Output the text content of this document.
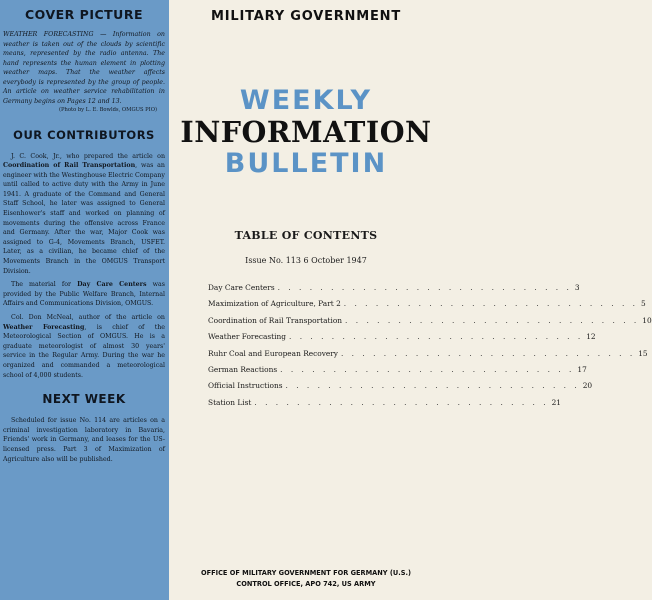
COVER PICTURE
WEATHER FORECASTING — Information on weather is taken out of the clouds by scientific means, represented by the radio antenna. The hand represents the human element in plotting weather maps. That the weather affects everybody is represented by the group of people. An article on weather service rehabilitation in Germany begins on Pages 12 and 13.
(Photo by L. E. Bowlds, OMGUS PIO)
OUR CONTRIBUTORS
J. C. Cook, Jr., who prepared the article on Coordination of Rail Transportation, was an engineer with the Westinghouse Electric Company until called to active duty with the Army in June 1941. A graduate of the Command and General Staff School, he later was assigned to General Eisenhower's staff and worked on planning of movements during the offensive across France and Germany. After the war, Major Cook was assigned to G-4, Movements Branch, USFET. Later, as a civilian, he became chief of the Movements Branch in the OMGUS Transport Division.
The material for Day Care Centers was provided by the Public Welfare Branch, Internal Affairs and Communications Division, OMGUS.
Col. Don McNeal, author of the article on Weather Forecasting, is chief of the Meteorological Section of OMGUS. He is a graduate meteorologist of almost 30 years' service in the Regular Army. During the war he organized and commanded a meteorological school of 4,000 students.
NEXT WEEK
Scheduled for issue No. 114 are articles on a criminal investigation laboratory in Bavaria, Friends' work in Germany, and leases for the US-licensed press. Part 3 of Maximization of Agriculture also will be published.
MILITARY GOVERNMENT
WEEKLY
INFORMATION
BULLETIN
TABLE OF CONTENTS
Issue No. 113 6 October 1947
Day Care Centers . . . . . . . . . . . . . . . . . . . . . . . . . . . . 3
Maximization of Agriculture, Part 2 . . . . . . . . . . . . . . . . . . . . . . . . . . . . 5
Coordination of Rail Transportation . . . . . . . . . . . . . . . . . . . . . . . . . . . . 10
Weather Forecasting . . . . . . . . . . . . . . . . . . . . . . . . . . . . 12
Ruhr Coal and European Recovery . . . . . . . . . . . . . . . . . . . . . . . . . . . . 15
German Reactions . . . . . . . . . . . . . . . . . . . . . . . . . . . . 17
Official Instructions . . . . . . . . . . . . . . . . . . . . . . . . . . . . 20
Station List . . . . . . . . . . . . . . . . . . . . . . . . . . . . 21
OFFICE OF MILITARY GOVERNMENT FOR GERMANY (U.S.)
CONTROL OFFICE, APO 742, US ARMY
